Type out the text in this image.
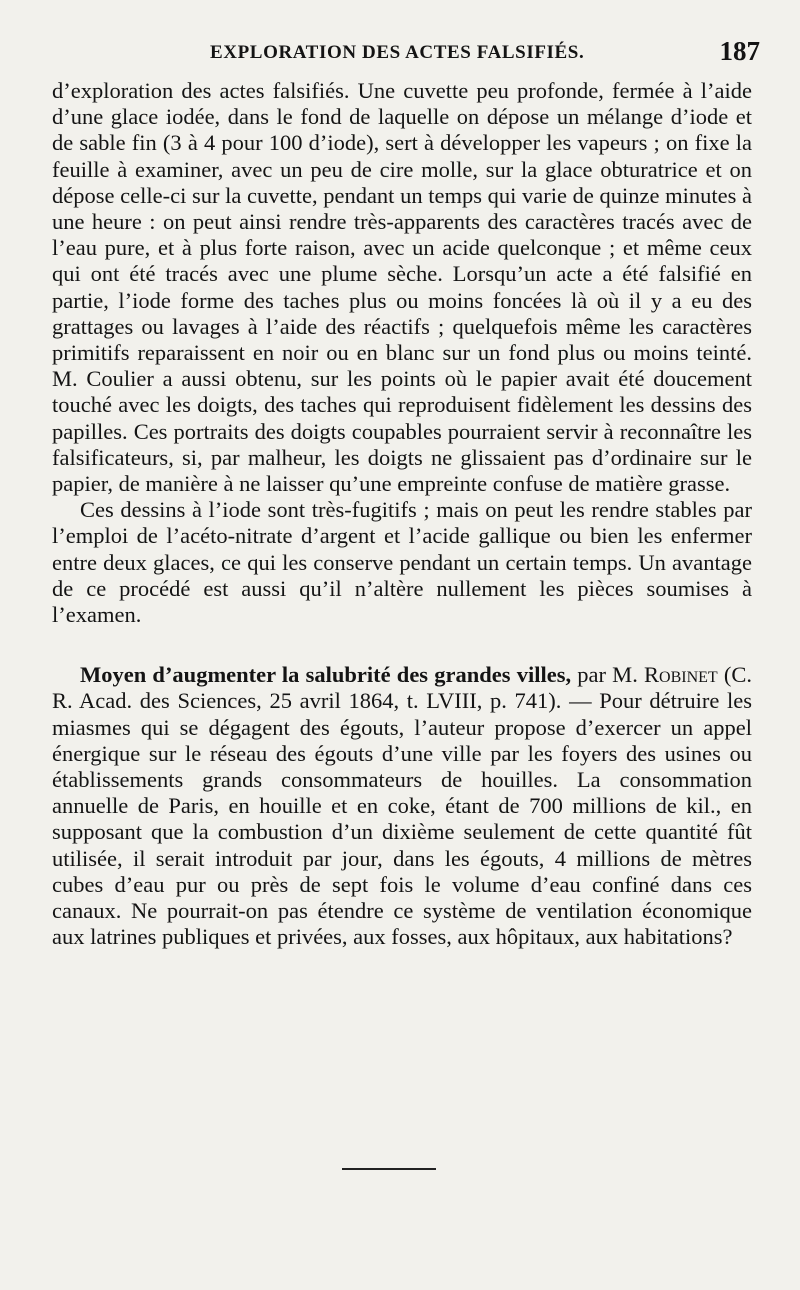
EXPLORATION DES ACTES FALSIFIÉS.	187

d’exploration des actes falsifiés. Une cuvette peu profonde, fermée à l’aide d’une glace iodée, dans le fond de laquelle on dépose un mélange d’iode et de sable fin (3 à 4 pour 100 d’iode), sert à développer les vapeurs ; on fixe la feuille à examiner, avec un peu de cire molle, sur la glace obturatrice et on dépose celle-ci sur la cuvette, pendant un temps qui varie de quinze minutes à une heure : on peut ainsi rendre très-apparents des caractères tracés avec de l’eau pure, et à plus forte raison, avec un acide quelconque ; et même ceux qui ont été tracés avec une plume sèche. Lorsqu’un acte a été falsifié en partie, l’iode forme des taches plus ou moins foncées là où il y a eu des grattages ou lavages à l’aide des réactifs ; quelquefois même les caractères primitifs reparaissent en noir ou en blanc sur un fond plus ou moins teinté. M. Coulier a aussi obtenu, sur les points où le papier avait été doucement touché avec les doigts, des taches qui reproduisent fidèlement les dessins des papilles. Ces portraits des doigts coupables pourraient servir à reconnaître les falsificateurs, si, par malheur, les doigts ne glissaient pas d’ordinaire sur le papier, de manière à ne laisser qu’une empreinte confuse de matière grasse.

Ces dessins à l’iode sont très-fugitifs ; mais on peut les rendre stables par l’emploi de l’acéto-nitrate d’argent et l’acide gallique ou bien les enfermer entre deux glaces, ce qui les conserve pendant un certain temps. Un avantage de ce procédé est aussi qu’il n’altère nullement les pièces soumises à l’examen.

Moyen d’augmenter la salubrité des grandes villes, par M. Robinet (C. R. Acad. des Sciences, 25 avril 1864, t. LVIII, p. 741). — Pour détruire les miasmes qui se dégagent des égouts, l’auteur propose d’exercer un appel énergique sur le réseau des égouts d’une ville par les foyers des usines ou établissements grands consommateurs de houilles. La consommation annuelle de Paris, en houille et en coke, étant de 700 millions de kil., en supposant que la combustion d’un dixième seulement de cette quantité fût utilisée, il serait introduit par jour, dans les égouts, 4 millions de mètres cubes d’eau pur ou près de sept fois le volume d’eau confiné dans ces canaux. Ne pourrait-on pas étendre ce système de ventilation économique aux latrines publiques et privées, aux fosses, aux hôpitaux, aux habitations?
